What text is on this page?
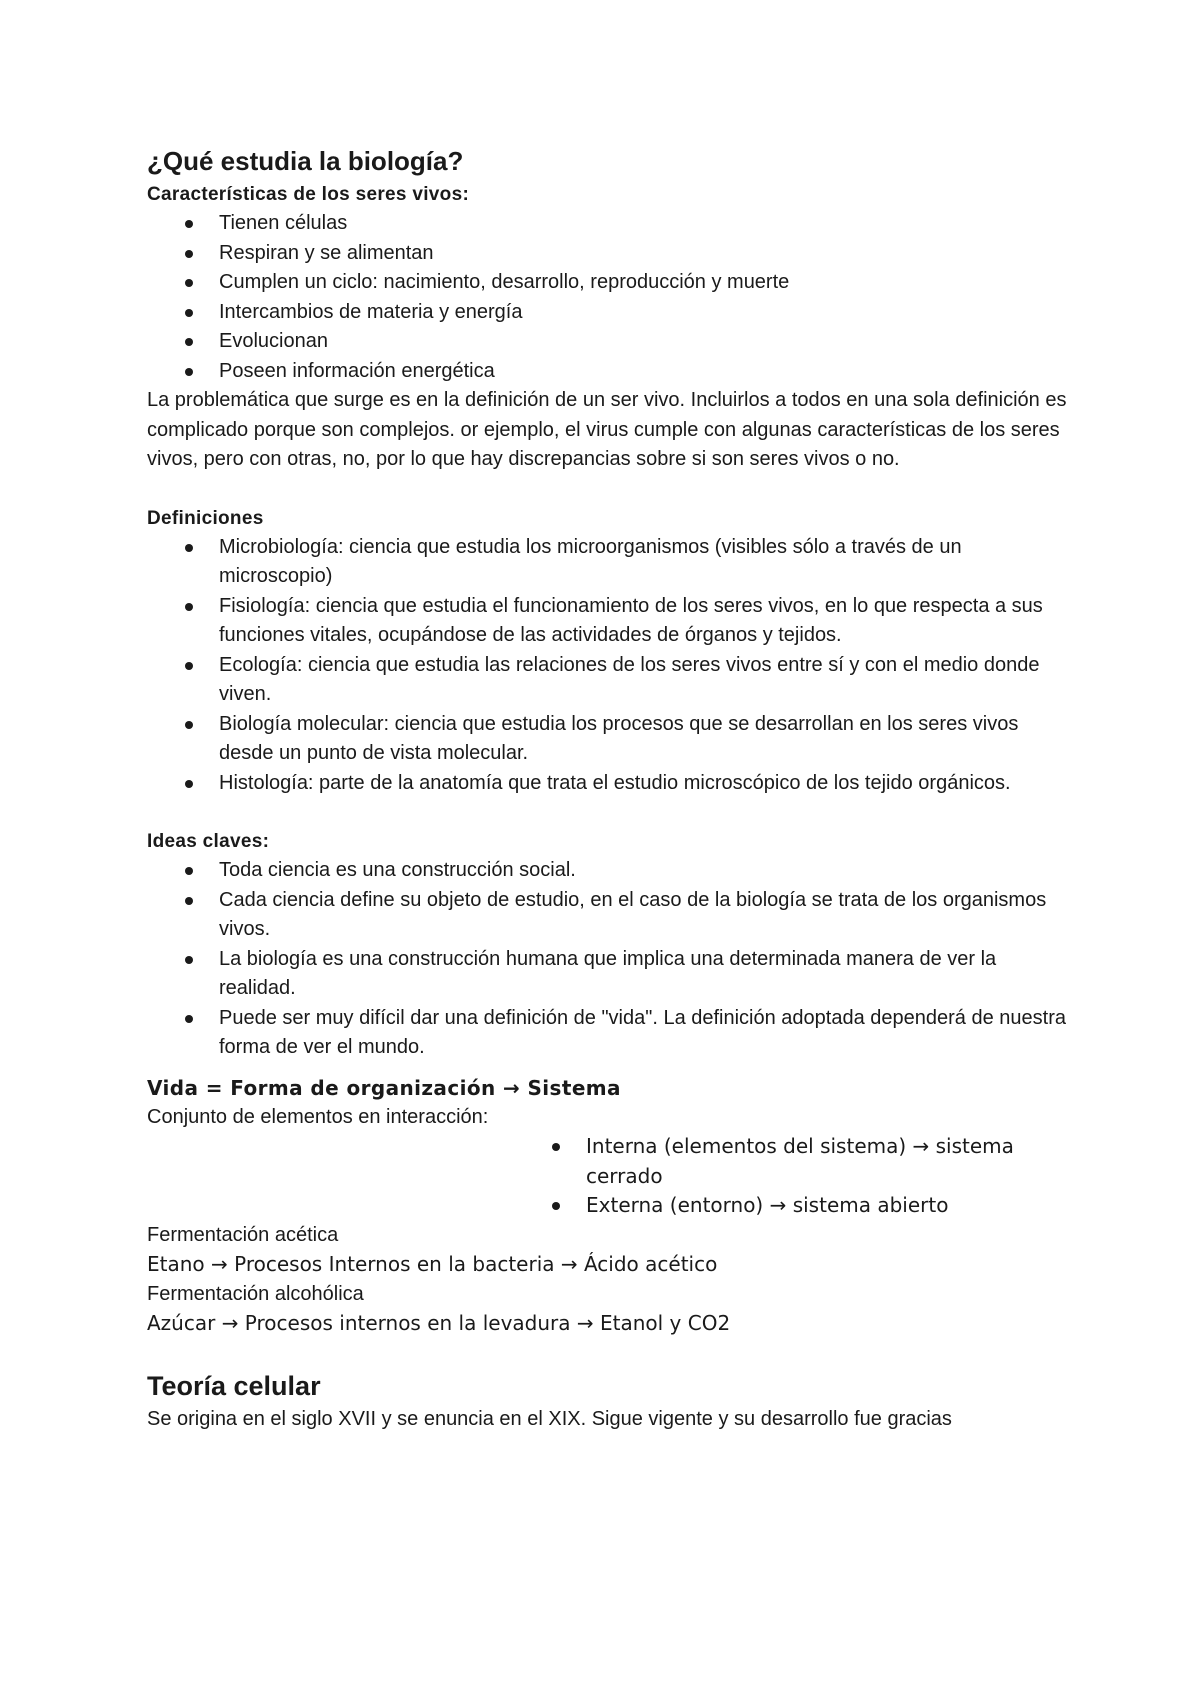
¿Qué estudia la biología?
Características de los seres vivos:
Tienen células
Respiran y se alimentan
Cumplen un ciclo: nacimiento, desarrollo, reproducción y muerte
Intercambios de materia y energía
Evolucionan
Poseen información energética

La problemática que surge es en la definición de un ser vivo. Incluirlos a todos en una sola definición es complicado porque son complejos. or ejemplo, el virus cumple con algunas características de los seres vivos, pero con otras, no, por lo que hay discrepancias sobre si son seres vivos o no.

Definiciones
Microbiología: ciencia que estudia los microorganismos (visibles sólo a través de un microscopio)
Fisiología: ciencia que estudia el funcionamiento de los seres vivos, en lo que respecta a sus funciones vitales, ocupándose de las actividades de órganos y tejidos.
Ecología: ciencia que estudia las relaciones de los seres vivos entre sí y con el medio donde viven.
Biología molecular: ciencia que estudia los procesos que se desarrollan en los seres vivos desde un punto de vista molecular.
Histología: parte de la anatomía que trata el estudio microscópico de los tejido orgánicos.
Ideas claves:
Toda ciencia es una construcción social.
Cada ciencia define su objeto de estudio, en el caso de la biología se trata de los organismos vivos.
La biología es una construcción humana que implica una determinada manera de ver la realidad.
Puede ser muy difícil dar una definición de "vida". La definición adoptada dependerá de nuestra forma de ver el mundo.
Vida = Forma de organización → Sistema

Conjunto de elementos en interacción:

Interna (elementos del sistema) → sistema cerrado
Externa (entorno) → sistema abierto

Fermentación acética

Etano → Procesos Internos en la bacteria → Ácido acético

Fermentación alcohólica

Azúcar → Procesos internos en la levadura → Etanol y CO2

Teoría celular

Se origina en el siglo XVII y se enuncia en el XIX. Sigue vigente y su desarrollo fue gracias
